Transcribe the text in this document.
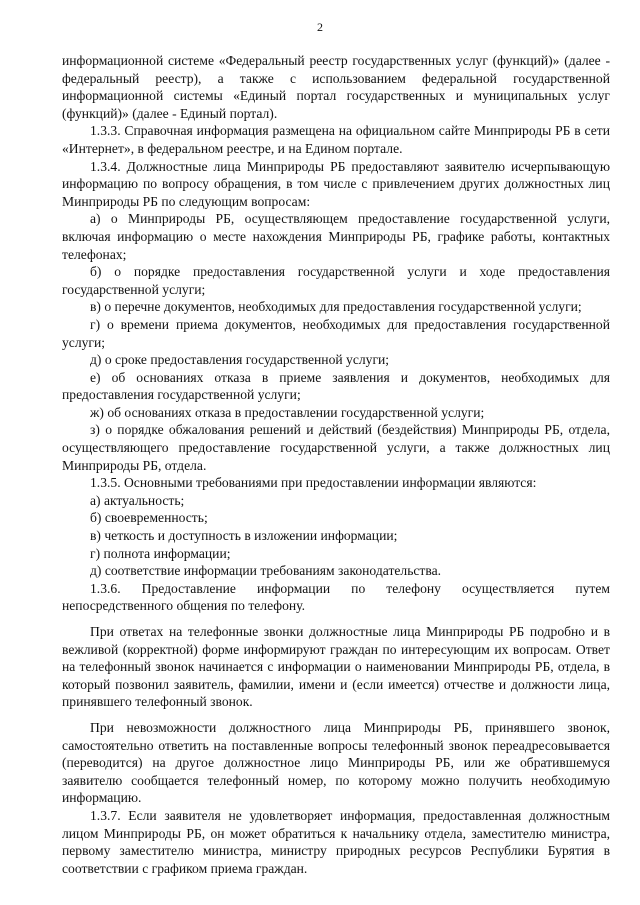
2

информационной системе «Федеральный реестр государственных услуг (функций)» (далее - федеральный реестр), а также с использованием федеральной государственной информационной системы «Единый портал государственных и муниципальных услуг (функций)» (далее - Единый портал).

1.3.3. Справочная информация размещена на официальном сайте Минприроды РБ в сети «Интернет», в федеральном реестре, и на Едином портале.

1.3.4. Должностные лица Минприроды РБ предоставляют заявителю исчерпывающую информацию по вопросу обращения, в том числе с привлечением других должностных лиц Минприроды РБ по следующим вопросам:

а) о Минприроды РБ, осуществляющем предоставление государственной услуги, включая информацию о месте нахождения Минприроды РБ, графике работы, контактных телефонах;

б) о порядке предоставления государственной услуги и ходе предоставления государственной услуги;

в) о перечне документов, необходимых для предоставления государственной услуги;

г) о времени приема документов, необходимых для предоставления государственной услуги;

д) о сроке предоставления государственной услуги;

е) об основаниях отказа в приеме заявления и документов, необходимых для предоставления государственной услуги;

ж) об основаниях отказа в предоставлении государственной услуги;

з) о порядке обжалования решений и действий (бездействия) Минприроды РБ, отдела, осуществляющего предоставление государственной услуги, а также должностных лиц Минприроды РБ, отдела.

1.3.5. Основными требованиями при предоставлении информации являются:

а) актуальность;

б) своевременность;

в) четкость и доступность в изложении информации;

г) полнота информации;

д) соответствие информации требованиям законодательства.

1.3.6. Предоставление информации по телефону осуществляется путем непосредственного общения по телефону.

При ответах на телефонные звонки должностные лица Минприроды РБ подробно и в вежливой (корректной) форме информируют граждан по интересующим их вопросам. Ответ на телефонный звонок начинается с информации о наименовании Минприроды РБ, отдела, в который позвонил заявитель, фамилии, имени и (если имеется) отчестве и должности лица, принявшего телефонный звонок.

При невозможности должностного лица Минприроды РБ, принявшего звонок, самостоятельно ответить на поставленные вопросы телефонный звонок переадресовывается (переводится) на другое должностное лицо Минприроды РБ, или же обратившемуся заявителю сообщается телефонный номер, по которому можно получить необходимую информацию.

1.3.7. Если заявителя не удовлетворяет информация, предоставленная должностным лицом Минприроды РБ, он может обратиться к начальнику отдела, заместителю министра, первому заместителю министра, министру природных ресурсов Республики Бурятия в соответствии с графиком приема граждан.
